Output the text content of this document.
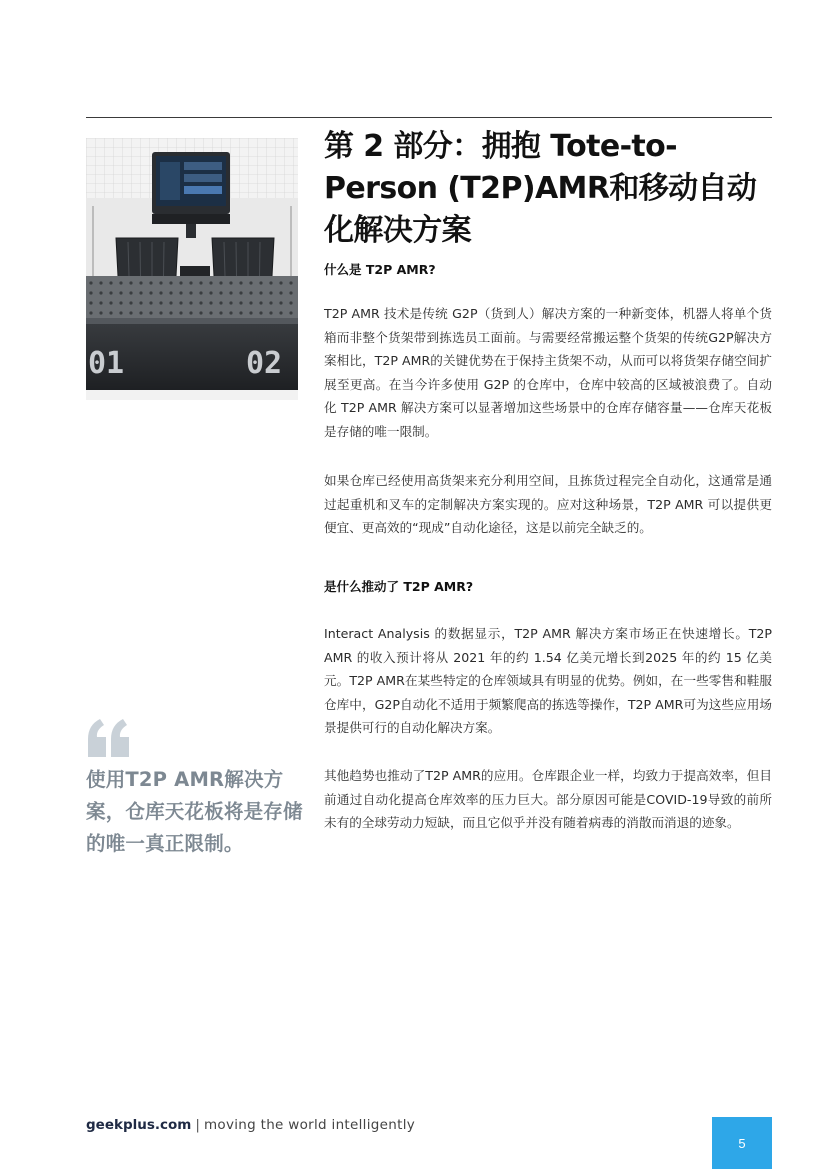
01	02
使用T2P AMR解决方案，仓库天花板将是存储的唯一真正限制。
第 2 部分：拥抱 Tote-to-Person (T2P)AMR和移动自动化解决方案
什么是 T2P AMR?

T2P AMR 技术是传统 G2P（货到人）解决方案的一种新变体，机器人将单个货箱而非整个货架带到拣选员工面前。与需要经常搬运整个货架的传统G2P解决方案相比，T2P AMR的关键优势在于保持主货架不动，从而可以将货架存储空间扩展至更高。在当今许多使用 G2P 的仓库中，仓库中较高的区域被浪费了。自动化 T2P AMR 解决方案可以显著增加这些场景中的仓库存储容量——仓库天花板是存储的唯一限制。

如果仓库已经使用高货架来充分利用空间，且拣货过程完全自动化，这通常是通过起重机和叉车的定制解决方案实现的。应对这种场景，T2P AMR 可以提供更便宜、更高效的“现成”自动化途径，这是以前完全缺乏的。

是什么推动了 T2P AMR?

Interact Analysis 的数据显示，T2P AMR 解决方案市场正在快速增长。T2P AMR 的收入预计将从 2021 年的约 1.54 亿美元增长到2025 年的约 15 亿美元。T2P AMR在某些特定的仓库领域具有明显的优势。例如，在一些零售和鞋服仓库中，G2P自动化不适用于频繁爬高的拣选等操作，T2P AMR可为这些应用场景提供可行的自动化解决方案。

其他趋势也推动了T2P AMR的应用。仓库跟企业一样，均致力于提高效率，但目前通过自动化提高仓库效率的压力巨大。部分原因可能是COVID-19导致的前所未有的全球劳动力短缺，而且它似乎并没有随着病毒的消散而消退的迹象。

geekplus.com | moving the world intelligently
5
